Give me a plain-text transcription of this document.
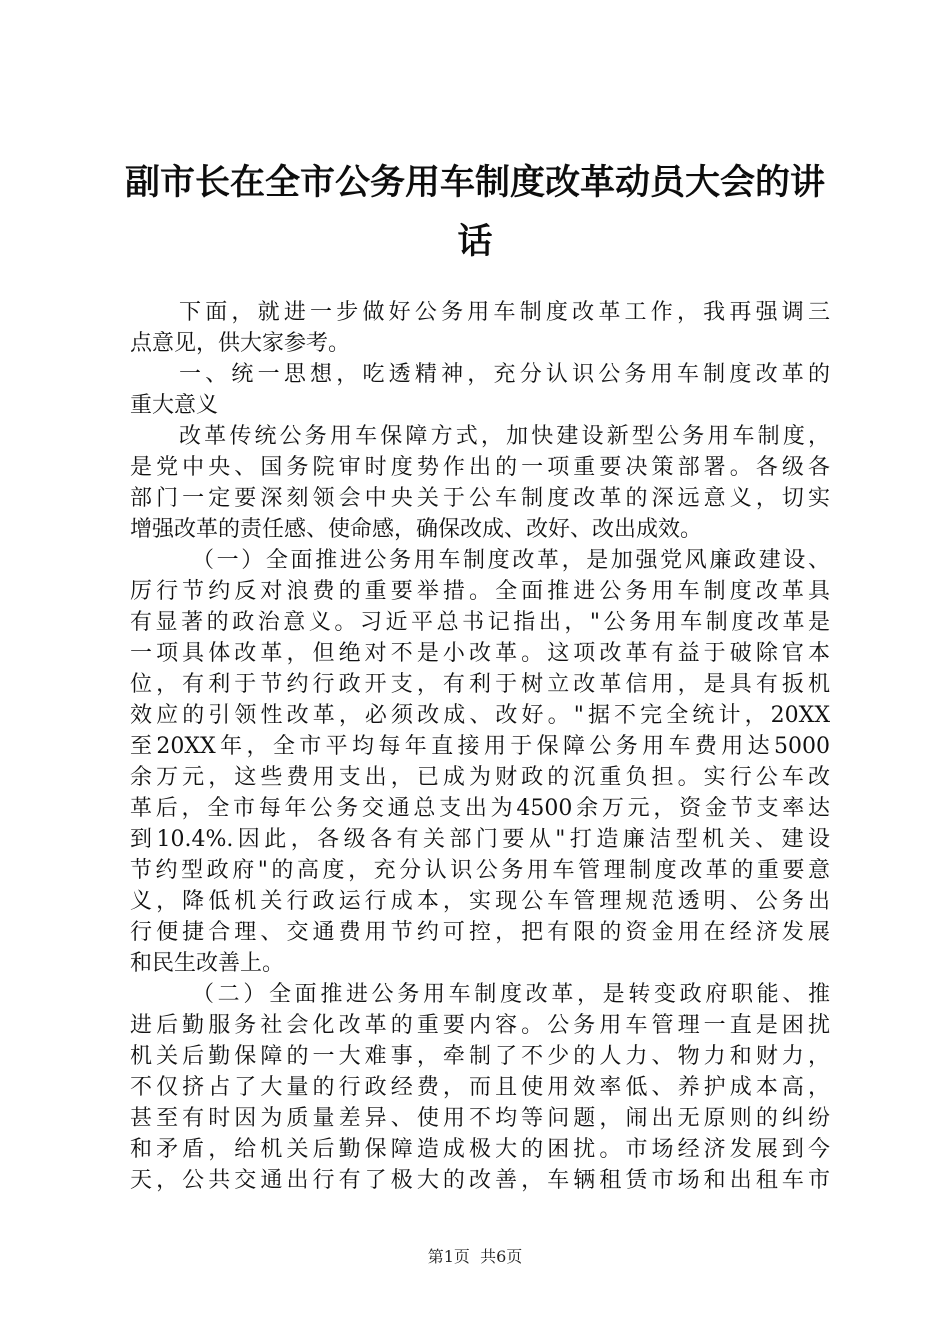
副市长在全市公务用车制度改革动员大会的讲
话
下面，就进一步做好公务用车制度改革工作，我再强调三
点意见，供大家参考。
一、统一思想，吃透精神，充分认识公务用车制度改革的
重大意义
改革传统公务用车保障方式，加快建设新型公务用车制度，
是党中央、国务院审时度势作出的一项重要决策部署。各级各
部门一定要深刻领会中央关于公车制度改革的深远意义，切实
增强改革的责任感、使命感，确保改成、改好、改出成效。
（一）全面推进公务用车制度改革，是加强党风廉政建设、
厉行节约反对浪费的重要举措。全面推进公务用车制度改革具
有显著的政治意义。习近平总书记指出，"公务用车制度改革是
一项具体改革，但绝对不是小改革。这项改革有益于破除官本
位，有利于节约行政开支，有利于树立改革信用，是具有扳机
效应的引领性改革，必须改成、改好。"据不完全统计，20XX
至20XX年，全市平均每年直接用于保障公务用车费用达5000
余万元，这些费用支出，已成为财政的沉重负担。实行公车改
革后，全市每年公务交通总支出为4500余万元，资金节支率达
到10.4%.因此，各级各有关部门要从"打造廉洁型机关、建设
节约型政府"的高度，充分认识公务用车管理制度改革的重要意
义，降低机关行政运行成本，实现公车管理规范透明、公务出
行便捷合理、交通费用节约可控，把有限的资金用在经济发展
和民生改善上。
（二）全面推进公务用车制度改革，是转变政府职能、推
进后勤服务社会化改革的重要内容。公务用车管理一直是困扰
机关后勤保障的一大难事，牵制了不少的人力、物力和财力，
不仅挤占了大量的行政经费，而且使用效率低、养护成本高，
甚至有时因为质量差异、使用不均等问题，闹出无原则的纠纷
和矛盾，给机关后勤保障造成极大的困扰。市场经济发展到今
天，公共交通出行有了极大的改善，车辆租赁市场和出租车市
第1页  共6页
